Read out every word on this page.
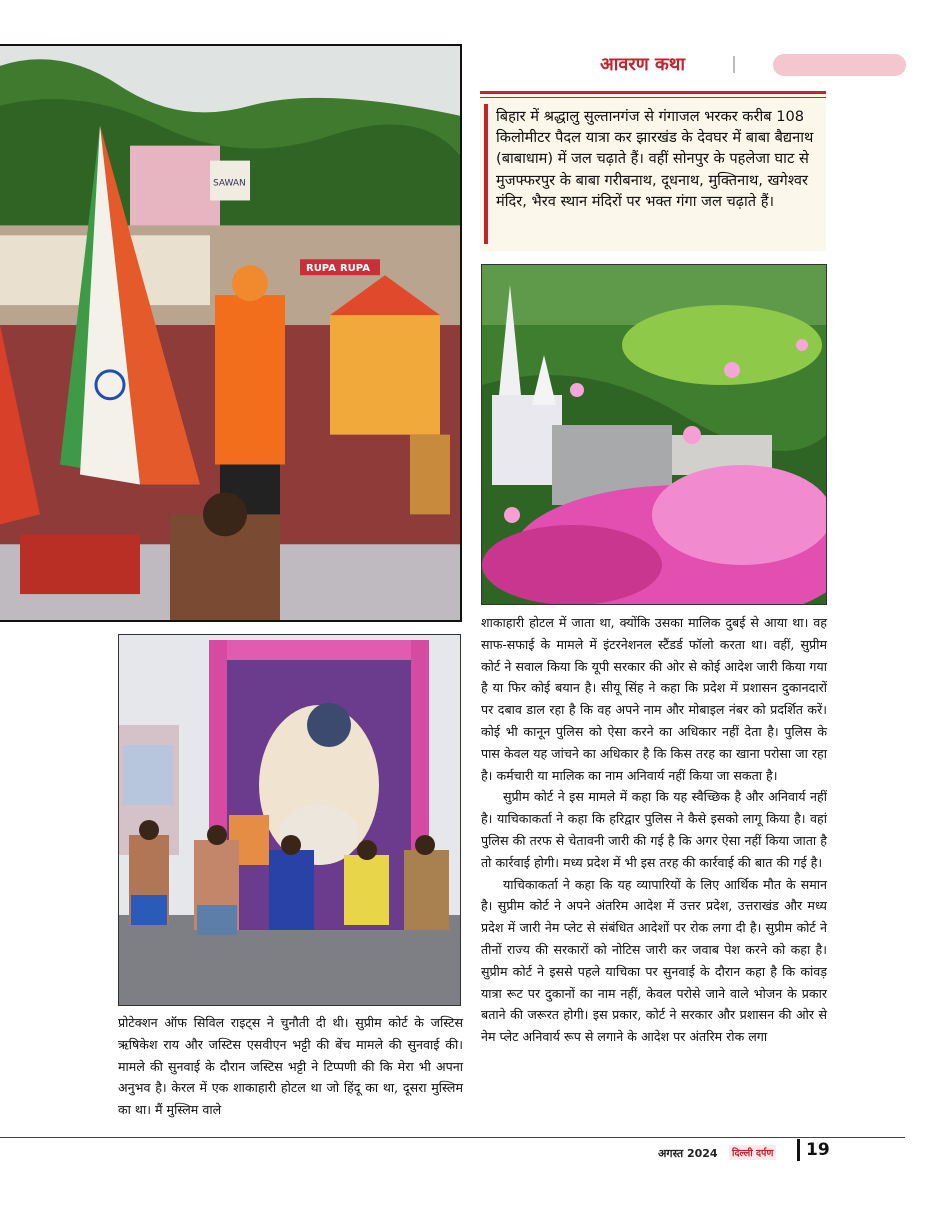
आवरण कथा
SAWAN
RUPA RUPA
बिहार में श्रद्धालु सुल्तानगंज से गंगाजल भरकर करीब 108 किलोमीटर पैदल यात्रा कर झारखंड के देवघर में बाबा बैद्यनाथ (बाबाधाम) में जल चढ़ाते हैं। वहीं सोनपुर के पहलेजा घाट से मुजफ्फरपुर के बाबा गरीबनाथ, दूधनाथ, मुक्तिनाथ, खगेश्वर मंदिर, भैरव स्थान मंदिरों पर भक्त गंगा जल चढ़ाते हैं।

शाकाहारी होटल में जाता था, क्योंकि उसका मालिक दुबई से आया था। वह साफ-सफाई के मामले में इंटरनेशनल स्टैंडर्ड फॉलो करता था। वहीं, सुप्रीम कोर्ट ने सवाल किया कि यूपी सरकार की ओर से कोई आदेश जारी किया गया है या फिर कोई बयान है। सीयू सिंह ने कहा कि प्रदेश में प्रशासन दुकानदारों पर दबाव डाल रहा है कि वह अपने नाम और मोबाइल नंबर को प्रदर्शित करें। कोई भी कानून पुलिस को ऐसा करने का अधिकार नहीं देता है। पुलिस के पास केवल यह जांचने का अधिकार है कि किस तरह का खाना परोसा जा रहा है। कर्मचारी या मालिक का नाम अनिवार्य नहीं किया जा सकता है।

सुप्रीम कोर्ट ने इस मामले में कहा कि यह स्वैच्छिक है और अनिवार्य नहीं है। याचिकाकर्ता ने कहा कि हरिद्वार पुलिस ने कैसे इसको लागू किया है। वहां पुलिस की तरफ से चेतावनी जारी की गई है कि अगर ऐसा नहीं किया जाता है तो कार्रवाई होगी। मध्य प्रदेश में भी इस तरह की कार्रवाई की बात की गई है।

याचिकाकर्ता ने कहा कि यह व्यापारियों के लिए आर्थिक मौत के समान है। सुप्रीम कोर्ट ने अपने अंतरिम आदेश में उत्तर प्रदेश, उत्तराखंड और मध्य प्रदेश में जारी नेम प्लेट से संबंधित आदेशों पर रोक लगा दी है। सुप्रीम कोर्ट ने तीनों राज्य की सरकारों को नोटिस जारी कर जवाब पेश करने को कहा है। सुप्रीम कोर्ट ने इससे पहले याचिका पर सुनवाई के दौरान कहा है कि कांवड़ यात्रा रूट पर दुकानों का नाम नहीं, केवल परोसे जाने वाले भोजन के प्रकार बताने की जरूरत होगी। इस प्रकार, कोर्ट ने सरकार और प्रशासन की ओर से नेम प्लेट अनिवार्य रूप से लगाने के आदेश पर अंतरिम रोक लगा

प्रोटेक्शन ऑफ सिविल राइट्स ने चुनौती दी थी। सुप्रीम कोर्ट के जस्टिस ऋषिकेश राय और जस्टिस एसवीएन भट्टी की बेंच मामले की सुनवाई की। मामले की सुनवाई के दौरान जस्टिस भट्टी ने टिप्पणी की कि मेरा भी अपना अनुभव है। केरल में एक शाकाहारी होटल था जो हिंदू का था, दूसरा मुस्लिम का था। मैं मुस्लिम वाले

अगस्त 2024	दिल्ली दर्पण 19
